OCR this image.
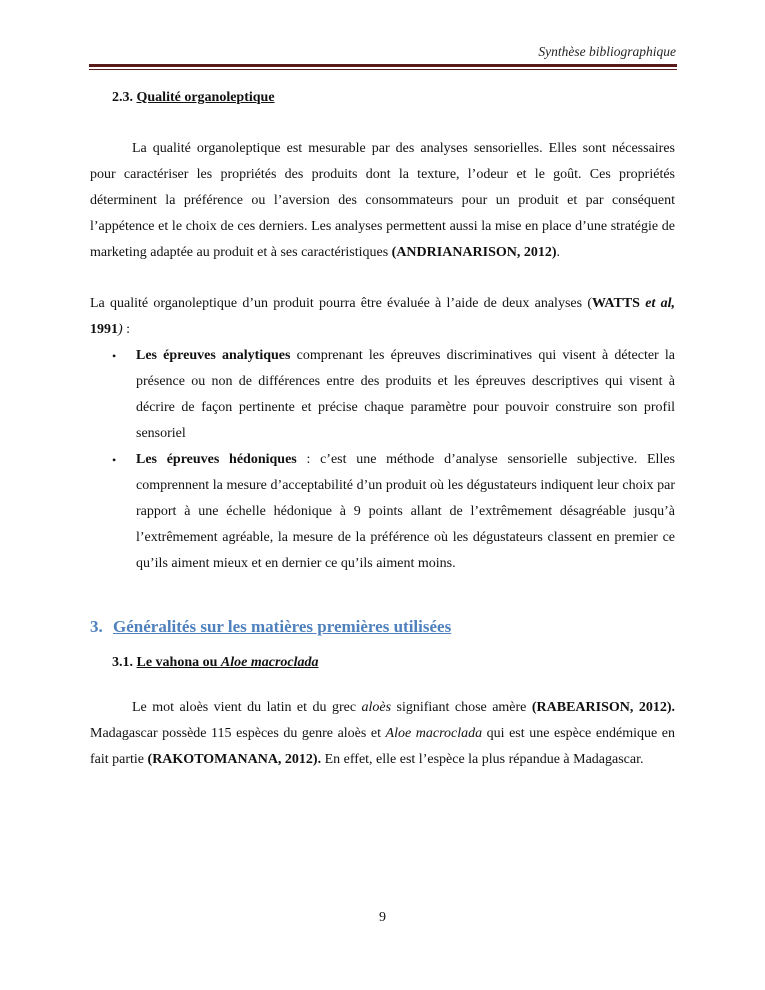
Synthèse bibliographique
2.3. Qualité organoleptique

La qualité organoleptique est mesurable par des analyses sensorielles. Elles sont nécessaires pour caractériser les propriétés des produits dont la texture, l’odeur et le goût. Ces propriétés déterminent la préférence ou l’aversion des consommateurs pour un produit et par conséquent l’appétence et le choix de ces derniers. Les analyses permettent aussi la mise en place d’une stratégie de marketing adaptée au produit et à ses caractéristiques (ANDRIANARISON, 2012).

La qualité organoleptique d’un produit pourra être évaluée à l’aide de deux analyses (WATTS et al, 1991) :

• Les épreuves analytiques comprenant les épreuves discriminatives qui visent à détecter la présence ou non de différences entre des produits et les épreuves descriptives qui visent à décrire de façon pertinente et précise chaque paramètre pour pouvoir construire son profil sensoriel
• Les épreuves hédoniques : c’est une méthode d’analyse sensorielle subjective. Elles comprennent la mesure d’acceptabilité d’un produit où les dégustateurs indiquent leur choix par rapport à une échelle hédonique à 9 points allant de l’extrêmement désagréable jusqu’à l’extrêmement agréable, la mesure de la préférence où les dégustateurs classent en premier ce qu’ils aiment mieux et en dernier ce qu’ils aiment moins.
3. Généralités sur les matières premières utilisées
3.1. Le vahona ou Aloe macroclada

Le mot aloès vient du latin et du grec aloès signifiant chose amère (RABEARISON, 2012). Madagascar possède 115 espèces du genre aloès et Aloe macroclada qui est une espèce endémique en fait partie (RAKOTOMANANA, 2012). En effet, elle est l’espèce la plus répandue à Madagascar.

9
